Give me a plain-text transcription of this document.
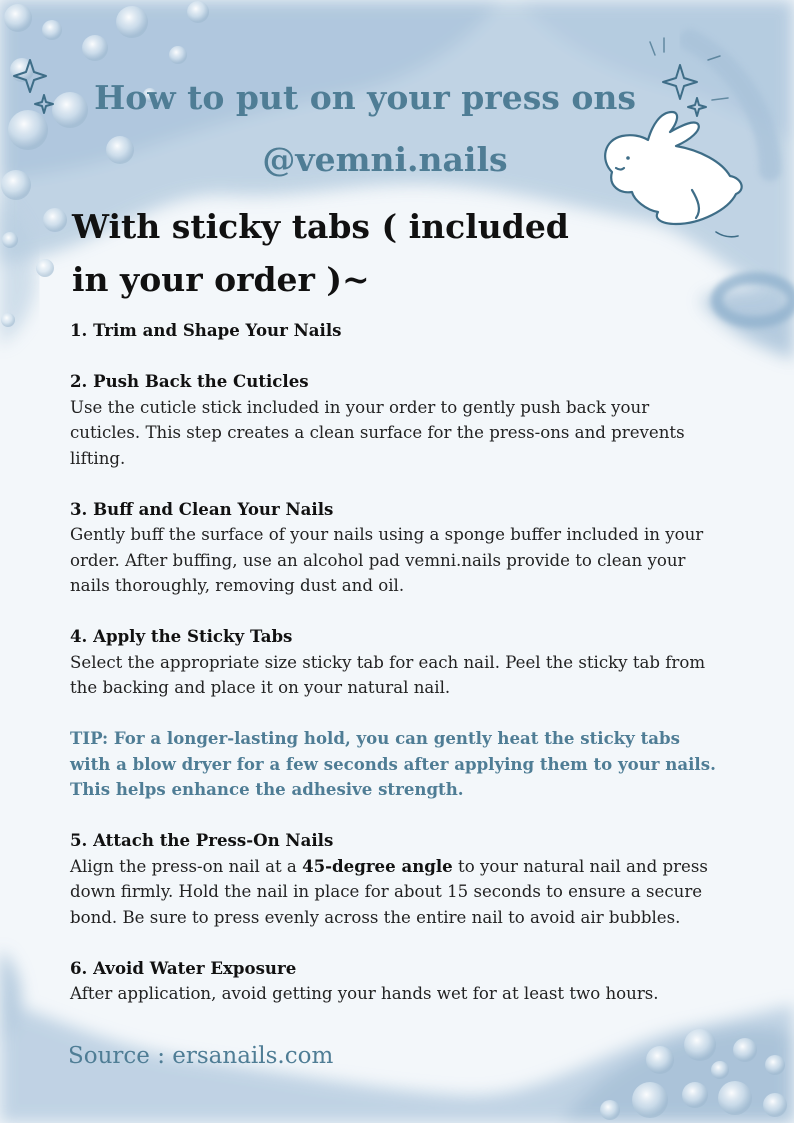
How to put on your press ons
@vemni.nails
With sticky tabs ( included
in your order )~
1. Trim and Shape Your Nails
2. Push Back the Cuticles
Use the cuticle stick included in your order to gently push back your cuticles. This step creates a clean surface for the press-ons and prevents lifting.
3. Buff and Clean Your Nails
Gently buff the surface of your nails using a sponge buffer included in your order. After buffing, use an alcohol pad vemni.nails provide to clean your nails thoroughly, removing dust and oil.
4. Apply the Sticky Tabs
Select the appropriate size sticky tab for each nail. Peel the sticky tab from the backing and place it on your natural nail.
TIP: For a longer-lasting hold, you can gently heat the sticky tabs with a blow dryer for a few seconds after applying them to your nails. This helps enhance the adhesive strength.
5. Attach the Press-On Nails
Align the press-on nail at a 45-degree angle to your natural nail and press down firmly. Hold the nail in place for about 15 seconds to ensure a secure bond. Be sure to press evenly across the entire nail to avoid air bubbles.
6. Avoid Water Exposure
After application, avoid getting your hands wet for at least two hours.
Source : ersanails.com
